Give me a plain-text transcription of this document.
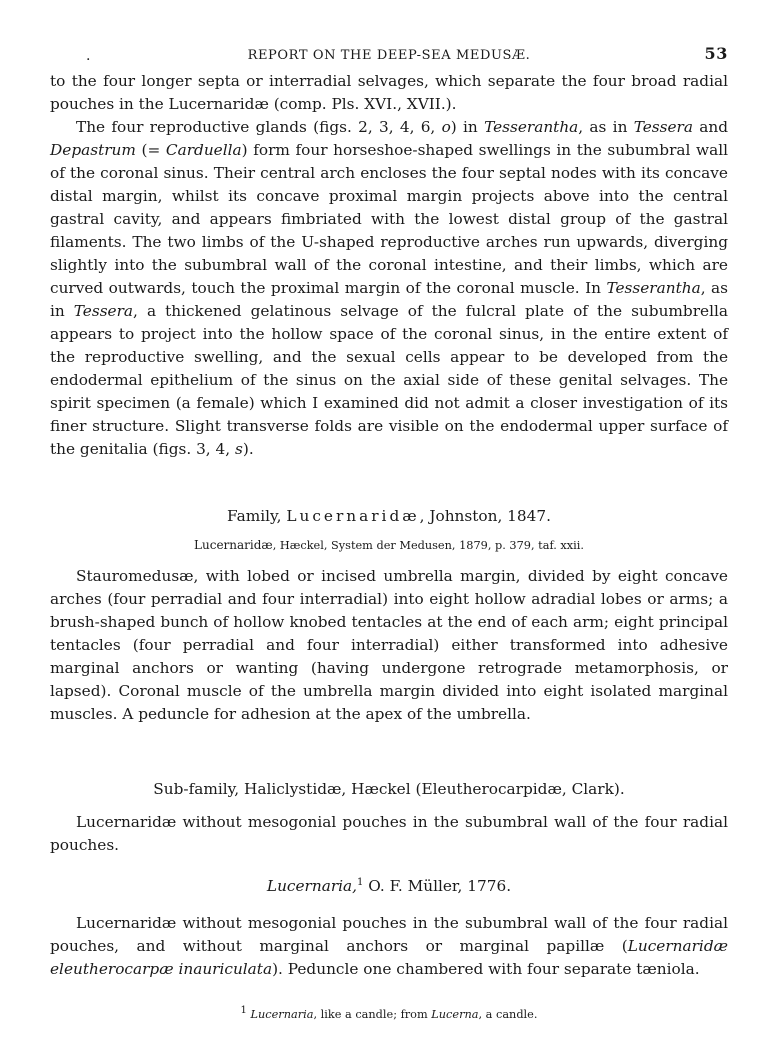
.	REPORT ON THE DEEP-SEA MEDUSÆ.	53

to the four longer septa or interradial selvages, which separate the four broad radial pouches in the Lucernaridæ (comp. Pls. XVI., XVII.).

The four reproductive glands (figs. 2, 3, 4, 6, o) in Tesserantha, as in Tessera and Depastrum (= Carduella) form four horseshoe-shaped swellings in the subumbral wall of the coronal sinus. Their central arch encloses the four septal nodes with its concave distal margin, whilst its concave proximal margin projects above into the central gastral cavity, and appears fimbriated with the lowest distal group of the gastral filaments. The two limbs of the U-shaped reproductive arches run upwards, diverging slightly into the subumbral wall of the coronal intestine, and their limbs, which are curved outwards, touch the proximal margin of the coronal muscle. In Tesserantha, as in Tessera, a thickened gelatinous selvage of the fulcral plate of the subumbrella appears to project into the hollow space of the coronal sinus, in the entire extent of the reproductive swelling, and the sexual cells appear to be developed from the endodermal epithelium of the sinus on the axial side of these genital selvages. The spirit specimen (a female) which I examined did not admit a closer investigation of its finer structure. Slight transverse folds are visible on the endodermal upper surface of the genitalia (figs. 3, 4, s).

Family, Lucernaridæ, Johnston, 1847.

Lucernaridæ, Hæckel, System der Medusen, 1879, p. 379, taf. xxii.

Stauromedusæ, with lobed or incised umbrella margin, divided by eight concave arches (four perradial and four interradial) into eight hollow adradial lobes or arms; a brush-shaped bunch of hollow knobed tentacles at the end of each arm; eight principal tentacles (four perradial and four interradial) either transformed into adhesive marginal anchors or wanting (having undergone retrograde metamorphosis, or lapsed). Coronal muscle of the umbrella margin divided into eight isolated marginal muscles. A peduncle for adhesion at the apex of the umbrella.

Sub-family, Haliclystidæ, Hæckel (Eleutherocarpidæ, Clark).

Lucernaridæ without mesogonial pouches in the subumbral wall of the four radial pouches.

Lucernaria,$^1$ O. F. Müller, 1776.

Lucernaridæ without mesogonial pouches in the subumbral wall of the four radial pouches, and without marginal anchors or marginal papillæ (Lucernaridæ eleutherocarpæ inauriculata). Peduncle one chambered with four separate tæniola.

$^1$ Lucernaria, like a candle; from Lucerna, a candle.
